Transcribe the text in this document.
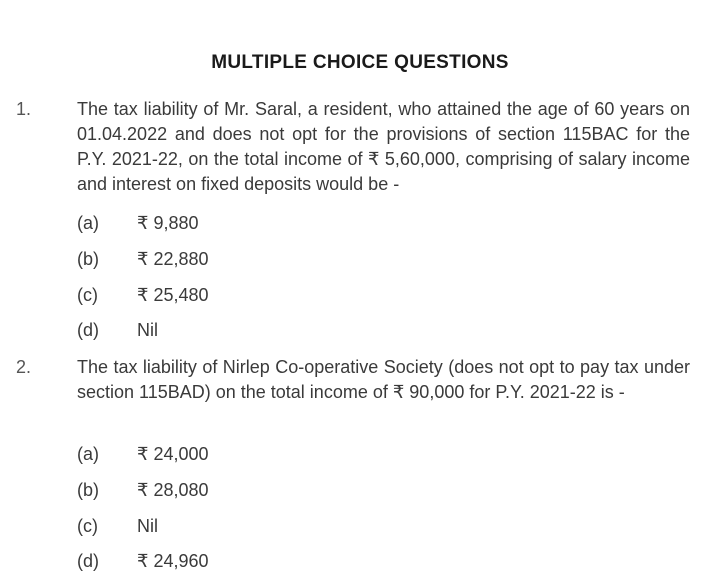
MULTIPLE CHOICE QUESTIONS
1.	The tax liability of Mr. Saral, a resident, who attained the age of 60 years on 01.04.2022 and does not opt for the provisions of section 115BAC for the P.Y. 2021-22, on the total income of ₹ 5,60,000, comprising of salary income and interest on fixed deposits would be -
(a) ₹ 9,880
(b) ₹ 22,880
(c) ₹ 25,480
(d) Nil
2.	The tax liability of Nirlep Co-operative Society (does not opt to pay tax under section 115BAD) on the total income of ₹ 90,000 for P.Y. 2021-22 is -
(a) ₹ 24,000
(b) ₹ 28,080
(c) Nil
(d) ₹ 24,960
